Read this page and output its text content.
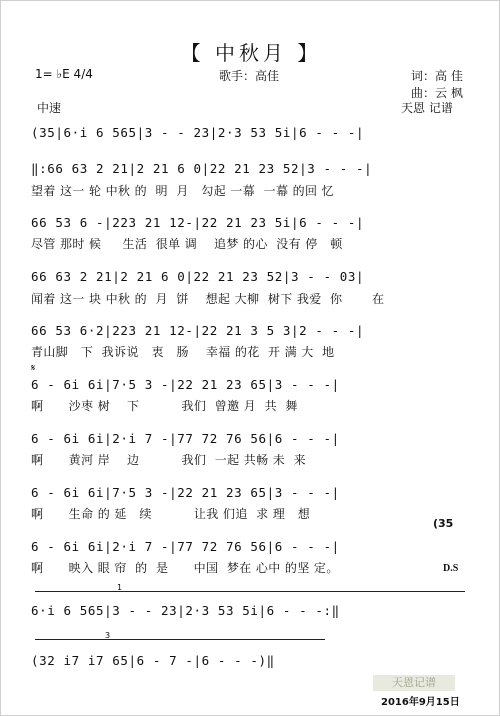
【 中秋月 】
1= ♭E 4/4	歌手：高佳	词：高 佳
曲：云 枫
中速	天恩 记谱
(35|6·i 6 565|3 - - 23|2·3 53 5i|6 - - -|
‖:66 63 2 21|2 21 6 0|22 21 23 52|3 - - -|
望着 这一 轮 中秋 的  明  月   勾起 一幕  一幕 的回 忆
66 53 6 -|223 21 12-|22 21 23 5i|6 - - -|
尽管 那时 候     生活  很单 调    追梦 的心  没有 停   顿
66 63 2 21|2 21 6 0|22 21 23 52|3 - - 03|
闻着 这一 块 中秋 的  月  饼    想起 大柳  树下 我爱  你       在
66 53 6·2|223 21 12-|22 21 3 5 3|2 - - -|
青山脚   下  我诉说   衷   肠    幸福 的花  开 满 大  地
𝄋
6 - 6i 6i|7·5 3 -|22 21 23 65|3 - - -|
啊      沙枣 树    下          我们  曾邀 月  共  舞
6 - 6i 6i|2·i 7 -|77 72 76 56|6 - - -|
啊      黄河 岸    边          我们  一起 共畅 未  来
6 - 6i 6i|7·5 3 -|22 21 23 65|3 - - -|
啊      生命 的 延   续          让我 们追  求 理   想
(35
6 - 6i 6i|2·i 7 -|77 72 76 56|6 - - -|
啊      映入 眼 帘  的  是      中国  梦在 心中 的坚 定。	D.S
1
6·i 6 565|3 - - 23|2·3 53 5i|6 - - -:‖
3
(32 i7 i7 65|6 - 7 -|6 - - -)‖
天恩记谱
2016年9月15日
